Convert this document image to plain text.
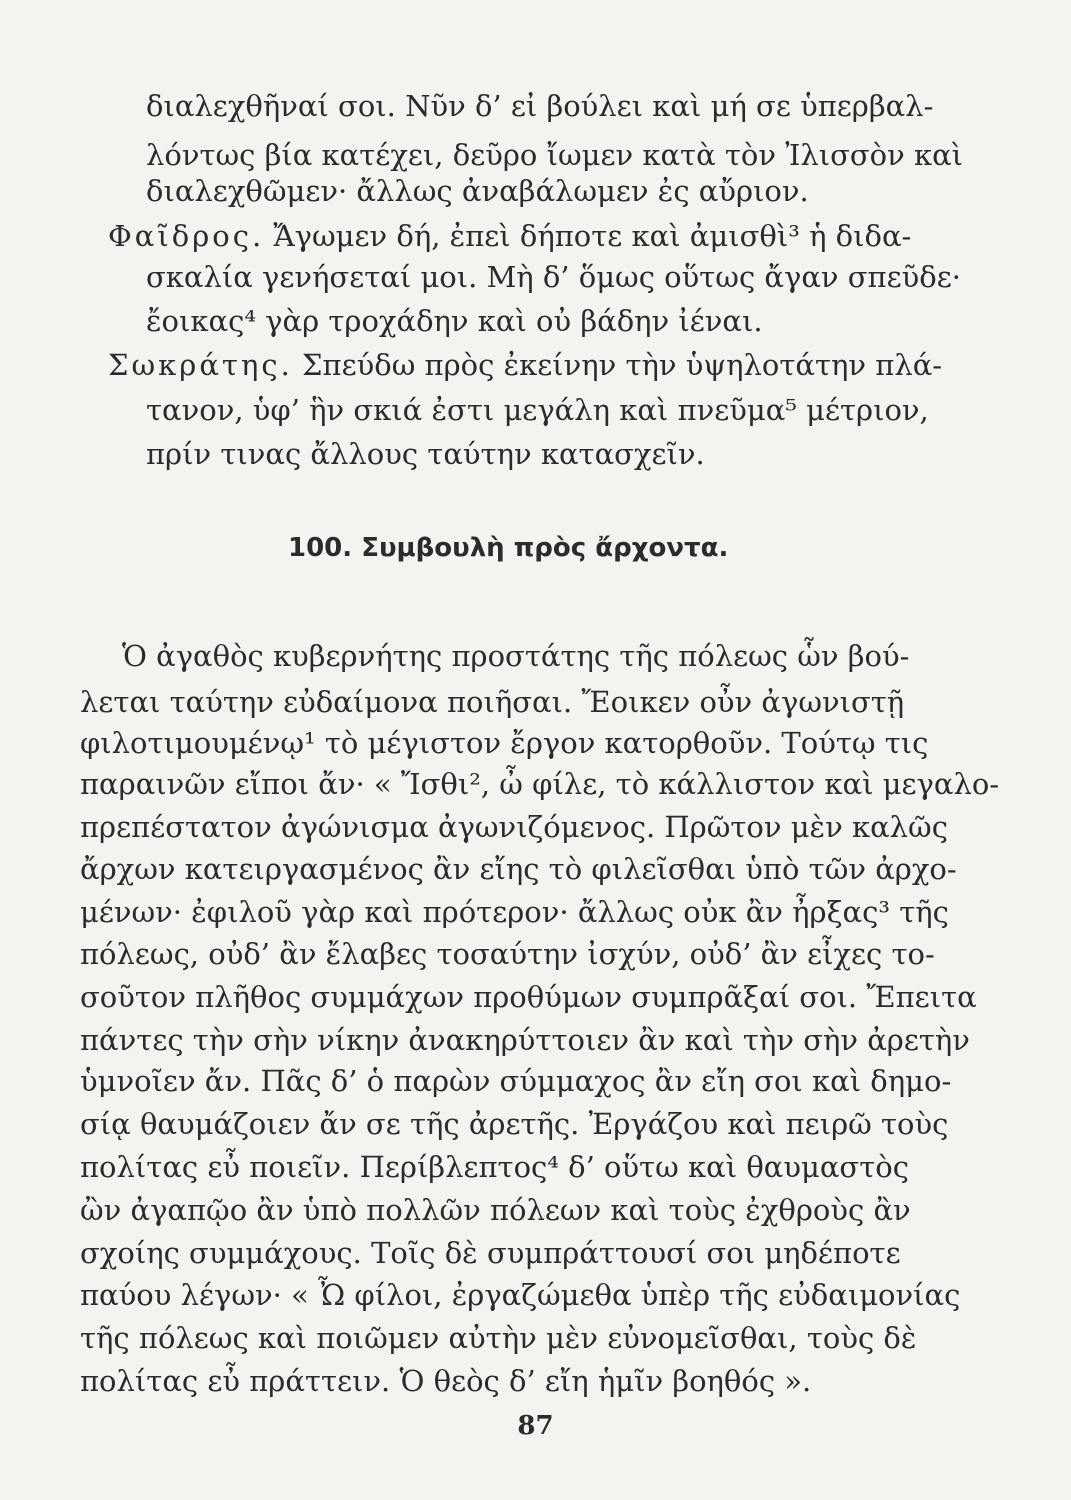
διαλεχθῆναί σοι. Νῦν δ’ εἰ βούλει καὶ μή σε ὑπερβαλ-
λόντως βία κατέχει, δεῦρο ἴωμεν κατὰ τὸν Ἰλισσὸν καὶ
διαλεχθῶμεν· ἄλλως ἀναβάλωμεν ἐς αὔριον.
Φαῖδρος. Ἄγωμεν δή, ἐπεὶ δήποτε καὶ ἀμισθὶ³ ἡ διδα-
σκαλία γενήσεταί μοι. Μὴ δ’ ὅμως οὕτως ἄγαν σπεῦδε·
ἔοικας⁴ γὰρ τροχάδην καὶ οὐ βάδην ἰέναι.
Σωκράτης. Σπεύδω πρὸς ἐκείνην τὴν ὑψηλοτάτην πλά-
τανον, ὑφ’ ἣν σκιά ἐστι μεγάλη καὶ πνεῦμα⁵ μέτριον,
πρίν τινας ἄλλους ταύτην κατασχεῖν.
100. Συμβουλὴ πρὸς ἄρχοντα.
Ὁ ἀγαθὸς κυβερνήτης προστάτης τῆς πόλεως ὧν βού-
λεται ταύτην εὐδαίμονα ποιῆσαι. Ἔοικεν οὖν ἀγωνιστῇ
φιλοτιμουμένῳ¹ τὸ μέγιστον ἔργον κατορθοῦν. Τούτῳ τις
παραινῶν εἴποι ἄν· « Ἴσθι², ὦ φίλε, τὸ κάλλιστον καὶ μεγαλο-
πρεπέστατον ἀγώνισμα ἀγωνιζόμενος. Πρῶτον μὲν καλῶς
ἄρχων κατειργασμένος ἂν εἴης τὸ φιλεῖσθαι ὑπὸ τῶν ἀρχο-
μένων· ἐφιλοῦ γὰρ καὶ πρότερον· ἄλλως οὐκ ἂν ἦρξας³ τῆς
πόλεως, οὐδ’ ἂν ἔλαβες τοσαύτην ἰσχύν, οὐδ’ ἂν εἶχες το-
σοῦτον πλῆθος συμμάχων προθύμων συμπρᾶξαί σοι. Ἔπειτα
πάντες τὴν σὴν νίκην ἀνακηρύττοιεν ἂν καὶ τὴν σὴν ἀρετὴν
ὑμνοῖεν ἄν. Πᾶς δ’ ὁ παρὼν σύμμαχος ἂν εἴη σοι καὶ δημο-
σίᾳ θαυμάζοιεν ἄν σε τῆς ἀρετῆς. Ἐργάζου καὶ πειρῶ τοὺς
πολίτας εὖ ποιεῖν. Περίβλεπτος⁴ δ’ οὕτω καὶ θαυμαστὸς
ὢν ἀγαπῷο ἂν ὑπὸ πολλῶν πόλεων καὶ τοὺς ἐχθροὺς ἂν
σχοίης συμμάχους. Τοῖς δὲ συμπράττουσί σοι μηδέποτε
παύου λέγων· « Ὦ φίλοι, ἐργαζώμεθα ὑπὲρ τῆς εὐδαιμονίας
τῆς πόλεως καὶ ποιῶμεν αὐτὴν μὲν εὐνομεῖσθαι, τοὺς δὲ
πολίτας εὖ πράττειν. Ὁ θεὸς δ’ εἴη ἡμῖν βοηθός ».
87
